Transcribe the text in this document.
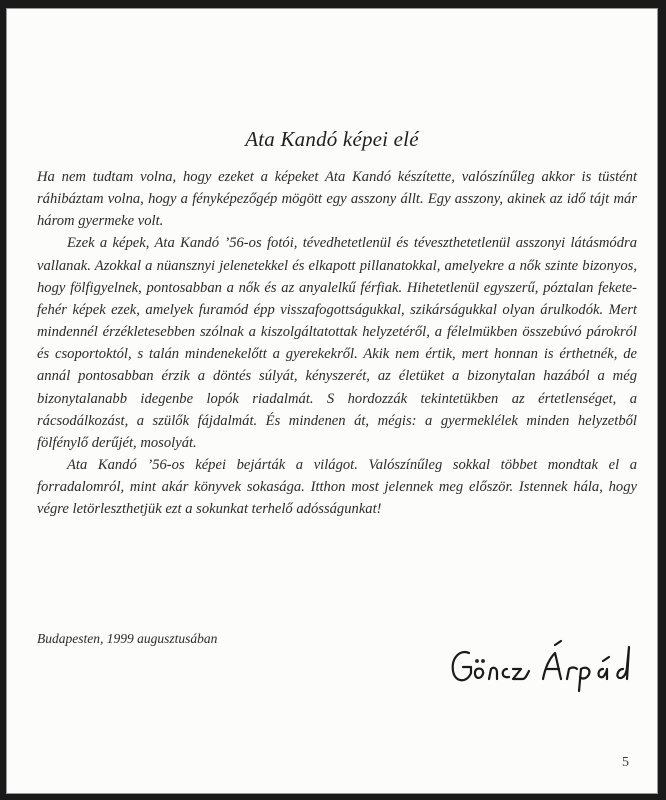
Ata Kandó képei elé

Ha nem tudtam volna, hogy ezeket a képeket Ata Kandó készítette, valószínűleg akkor is tüstént ráhibáztam volna, hogy a fényképezőgép mögött egy asszony állt. Egy asszony, akinek az idő tájt már három gyermeke volt.

Ezek a képek, Ata Kandó ’56-os fotói, tévedhetetlenül és téveszthetetlenül asszonyi látásmódra vallanak. Azokkal a nüansznyi jelenetekkel és elkapott pillanatokkal, amelyekre a nők szinte bizonyos, hogy fölfigyelnek, pontosabban a nők és az anyalelkű férfiak. Hihetetlenül egyszerű, póztalan fekete-fehér képek ezek, amelyek furamód épp visszafogottságukkal, szikárságukkal olyan árulkodók. Mert mindennél érzékletesebben szólnak a kiszolgáltatottak helyzetéről, a félelmükben összebúvó párokról és csoportoktól, s talán mindenekelőtt a gyerekekről. Akik nem értik, mert honnan is érthetnék, de annál pontosabban érzik a döntés súlyát, kényszerét, az életüket a bizonytalan hazából a még bizonytalanabb idegenbe lopók riadalmát. S hordozzák tekintetükben az értetlenséget, a rácsodálkozást, a szülők fájdalmát. És mindenen át, mégis: a gyermeklélek minden helyzetből fölfénylő derűjét, mosolyát.

Ata Kandó ’56-os képei bejárták a világot. Valószínűleg sokkal többet mondtak el a forradalomról, mint akár könyvek sokasága. Itthon most jelennek meg először. Istennek hála, hogy végre letörleszthetjük ezt a sokunkat terhelő adósságunkat!

Budapesten, 1999 augusztusában
5
